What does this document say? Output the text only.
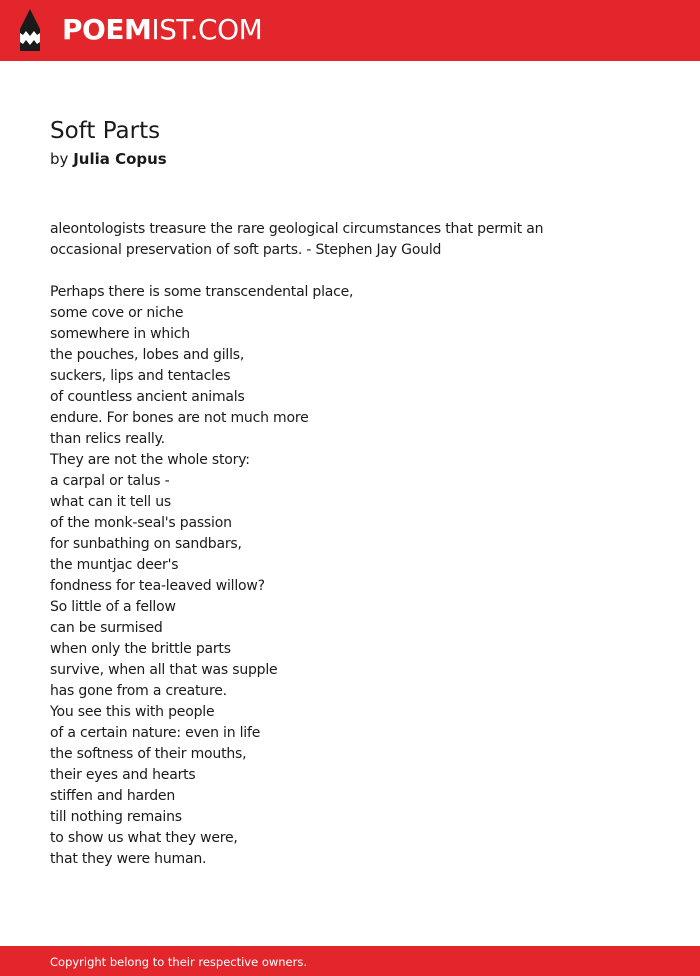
POEMIST.COM
Soft Parts
by Julia Copus
aleontologists treasure the rare geological circumstances that permit an
occasional preservation of soft parts. - Stephen Jay Gould
Perhaps there is some transcendental place,
some cove or niche
somewhere in which
the pouches, lobes and gills,
suckers, lips and tentacles
of countless ancient animals
endure. For bones are not much more
than relics really.
They are not the whole story:
a carpal or talus -
what can it tell us
of the monk-seal's passion
for sunbathing on sandbars,
the muntjac deer's
fondness for tea-leaved willow?
So little of a fellow
can be surmised
when only the brittle parts
survive, when all that was supple
has gone from a creature.
You see this with people
of a certain nature: even in life
the softness of their mouths,
their eyes and hearts
stiffen and harden
till nothing remains
to show us what they were,
that they were human.
Copyright belong to their respective owners.
